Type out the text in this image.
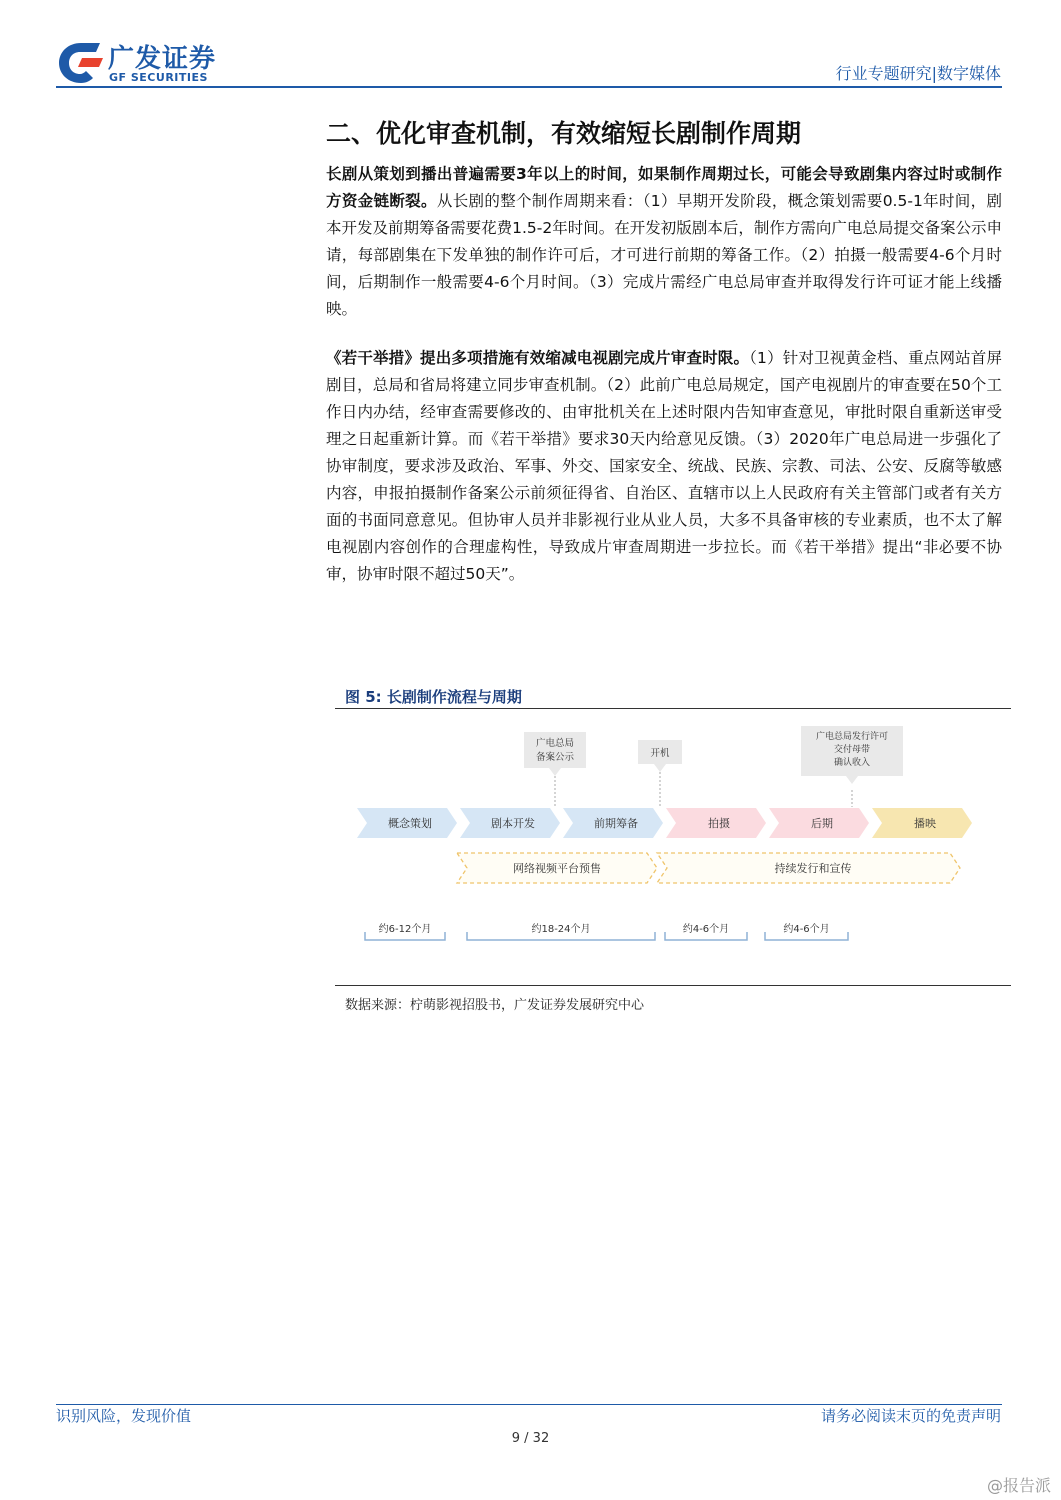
广发证券
GF SECURITIES	行业专题研究|数字媒体
二、优化审查机制，有效缩短长剧制作周期
长剧从策划到播出普遍需要3年以上的时间，如果制作周期过长，可能会导致剧集内容过时或制作方资金链断裂。从长剧的整个制作周期来看：（1）早期开发阶段，概念策划需要0.5-1年时间，剧本开发及前期筹备需要花费1.5-2年时间。在开发初版剧本后，制作方需向广电总局提交备案公示申请，每部剧集在下发单独的制作许可后，才可进行前期的筹备工作。（2）拍摄一般需要4-6个月时间，后期制作一般需要4-6个月时间。（3）完成片需经广电总局审查并取得发行许可证才能上线播映。
《若干举措》提出多项措施有效缩减电视剧完成片审查时限。（1）针对卫视黄金档、重点网站首屏剧目，总局和省局将建立同步审查机制。（2）此前广电总局规定，国产电视剧片的审查要在50个工作日内办结，经审查需要修改的、由审批机关在上述时限内告知审查意见，审批时限自重新送审受理之日起重新计算。而《若干举措》要求30天内给意见反馈。（3）2020年广电总局进一步强化了协审制度，要求涉及政治、军事、外交、国家安全、统战、民族、宗教、司法、公安、反腐等敏感内容，申报拍摄制作备案公示前须征得省、自治区、直辖市以上人民政府有关主管部门或者有关方面的书面同意意见。但协审人员并非影视行业从业人员，大多不具备审核的专业素质，也不太了解电视剧内容创作的合理虚构性，导致成片审查周期进一步拉长。而《若干举措》提出“非必要不协审，协审时限不超过50天”。
图 5: 长剧制作流程与周期
广电总局
备案公示	开机
广电总局发行许可
交付母带
确认收入
概念策划	剧本开发	前期筹备	拍摄	后期	播映
网络视频平台预售	持续发行和宣传
约6-12个月	约18-24个月	约4-6个月	约4-6个月
数据来源：柠萌影视招股书，广发证券发展研究中心
识别风险，发现价值	请务必阅读末页的免责声明
9 / 32
@报告派
